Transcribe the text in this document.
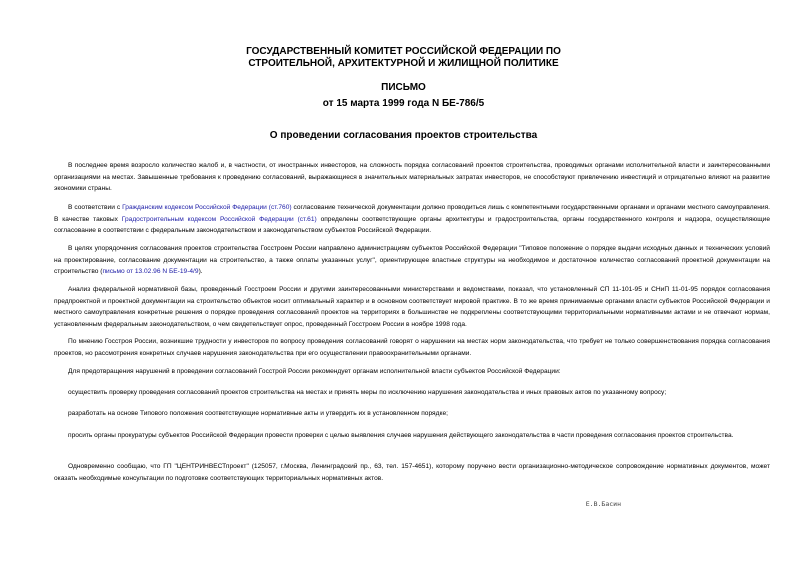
ГОСУДАРСТВЕННЫЙ КОМИТЕТ РОССИЙСКОЙ ФЕДЕРАЦИИ ПО
СТРОИТЕЛЬНОЙ, АРХИТЕКТУРНОЙ И ЖИЛИЩНОЙ ПОЛИТИКЕ
ПИСЬМО
от 15 марта 1999 года N БЕ-786/5
О проведении согласования проектов строительства
В последнее время возросло количество жалоб и, в частности, от иностранных инвесторов, на сложность порядка согласований проектов строительства, проводимых органами исполнительной власти и заинтересованными организациями на местах. Завышенные требования к проведению согласований, выражающиеся в значительных материальных затратах инвесторов, не способствуют привлечению инвестиций и отрицательно влияют на развитие экономики страны.
В соответствии с Гражданским кодексом Российской Федерации (ст.760) согласование технической документации должно проводиться лишь с компетентными государственными органами и органами местного самоуправления. В качестве таковых Градостроительным кодексом Российской Федерации (ст.61) определены соответствующие органы архитектуры и градостроительства, органы государственного контроля и надзора, осуществляющие согласование в соответствии с федеральным законодательством и законодательством субъектов Российской Федерации.
В целях упорядочения согласования проектов строительства Госстроем России направлено администрациям субъектов Российской Федерации "Типовое положение о порядке выдачи исходных данных и технических условий на проектирование, согласование документации на строительство, а также оплаты указанных услуг", ориентирующее властные структуры на необходимое и достаточное количество согласований проектной документации на строительство (письмо от 13.02.96 N БЕ-19-4/9).
Анализ федеральной нормативной базы, проведенный Госстроем России и другими заинтересованными министерствами и ведомствами, показал, что установленный СП 11-101-95 и СНиП 11-01-95 порядок согласования предпроектной и проектной документации на строительство объектов носит оптимальный характер и в основном соответствует мировой практике. В то же время принимаемые органами власти субъектов Российской Федерации и местного самоуправления конкретные решения о порядке проведения согласований проектов на территориях в большинстве не подкреплены соответствующими территориальными нормативными актами и не отвечают нормам, установленным федеральным законодательством, о чем свидетельствует опрос, проведенный Госстроем России в ноябре 1998 года.
По мнению Госстроя России, возникшие трудности у инвесторов по вопросу проведения согласований говорят о нарушении на местах норм законодательства, что требует не только совершенствования порядка согласования проектов, но рассмотрения конкретных случаев нарушения законодательства при его осуществлении правоохранительными органами.
Для предотвращения нарушений в проведении согласований Госстрой России рекомендует органам исполнительной власти субъектов Российской Федерации:
осуществить проверку проведения согласований проектов строительства на местах и принять меры по исключению нарушения законодательства и иных правовых актов по указанному вопросу;
разработать на основе Типового положения соответствующие нормативные акты и утвердить их в установленном порядке;
просить органы прокуратуры субъектов Российской Федерации провести проверки с целью выявления случаев нарушения действующего законодательства в части проведения согласования проектов строительства.
Одновременно сообщаю, что ГП "ЦЕНТРИНВЕСТпроект" (125057, г.Москва, Ленинградский пр., 63, тел. 157-4651), которому поручено вести организационно-методическое сопровождение нормативных документов, может оказать необходимые консультации по подготовке соответствующих территориальных нормативных актов.
Е.В.Басин
